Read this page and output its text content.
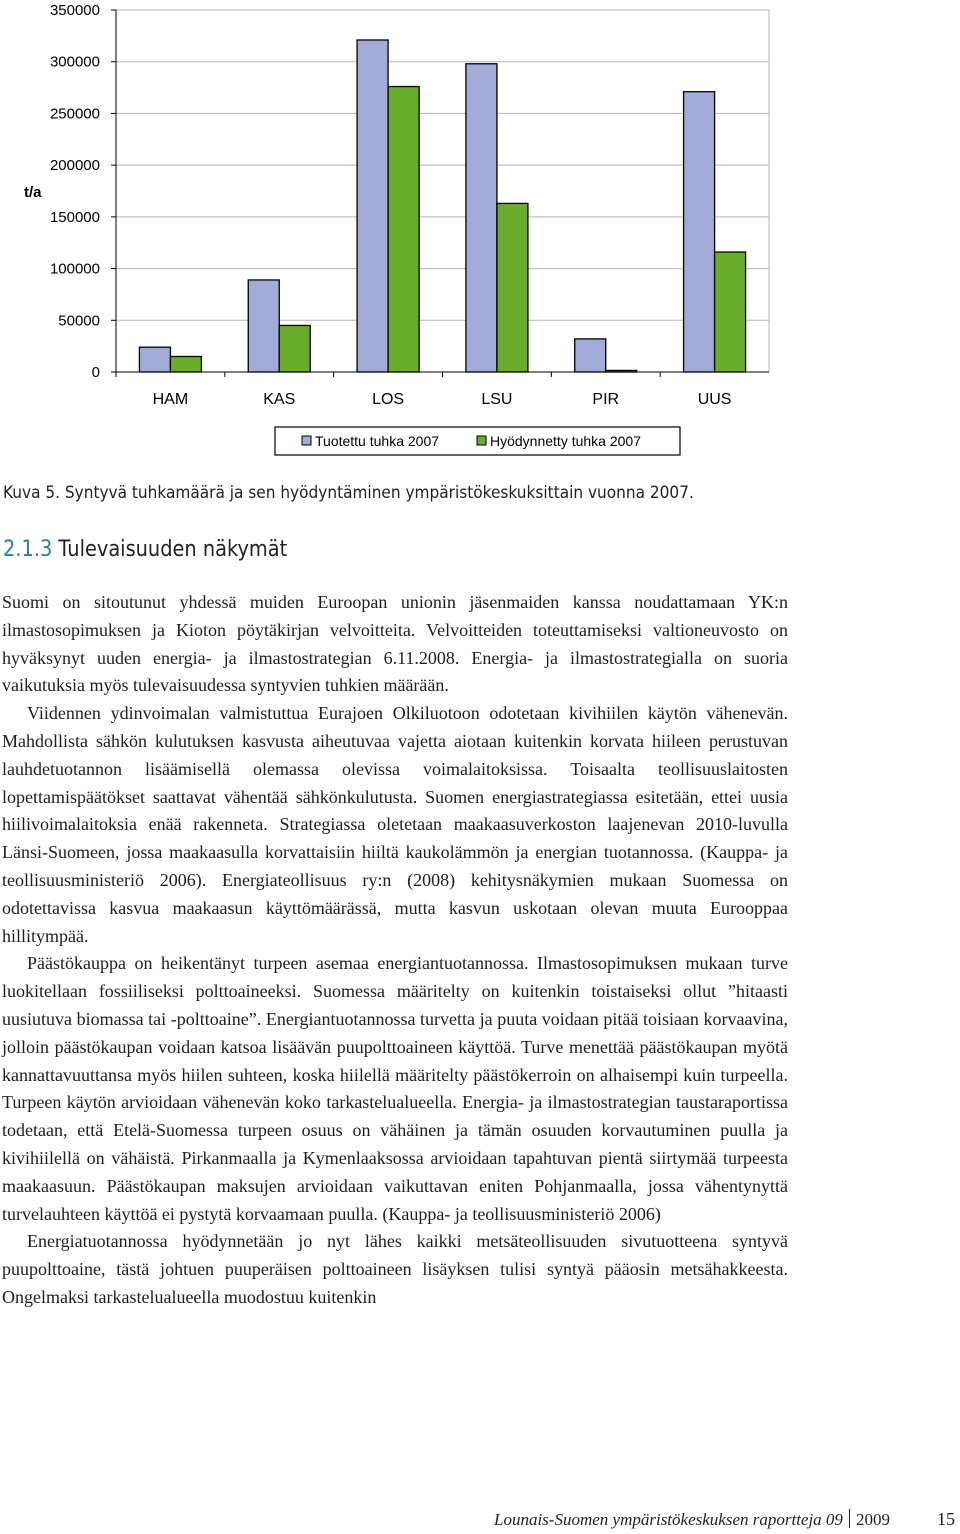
0
50000
100000
150000
200000
250000
300000
350000
HAM	KAS	LOS	LSU	PIR	UUS
t/a
Tuotettu tuhka 2007	Hyödynnetty tuhka 2007
Kuva 5. Syntyvä tuhkamäärä ja sen hyödyntäminen ympäristökeskuksittain vuonna 2007.
2.1.3 Tulevaisuuden näkymät

Suomi on sitoutunut yhdessä muiden Euroopan unionin jäsenmaiden kanssa noudattamaan YK:n ilmastosopimuksen ja Kioton pöytäkirjan velvoitteita. Velvoitteiden toteuttamiseksi valtioneuvosto on hyväksynyt uuden energia- ja ilmastostrategian 6.11.2008. Energia- ja ilmastostrategialla on suoria vaikutuksia myös tulevaisuudessa syntyvien tuhkien määrään.

Viidennen ydinvoimalan valmistuttua Eurajoen Olkiluotoon odotetaan kivihiilen käytön vähenevän. Mahdollista sähkön kulutuksen kasvusta aiheutuvaa vajetta aiotaan kuitenkin korvata hiileen perustuvan lauhdetuotannon lisäämisellä olemassa olevissa voimalaitoksissa. Toisaalta teollisuuslaitosten lopettamispäätökset saattavat vähentää sähkönkulutusta. Suomen energiastrategiassa esitetään, ettei uusia hiilivoimalaitoksia enää rakenneta. Strategiassa oletetaan maakaasuverkoston laajenevan 2010-luvulla Länsi-Suomeen, jossa maakaasulla korvattaisiin hiiltä kaukolämmön ja energian tuotannossa. (Kauppa- ja teollisuusministeriö 2006). Energiateollisuus ry:n (2008) kehitysnäkymien mukaan Suomessa on odotettavissa kasvua maakaasun käyttömäärässä, mutta kasvun uskotaan olevan muuta Eurooppaa hillitympää.

Päästökauppa on heikentänyt turpeen asemaa energiantuotannossa. Ilmastosopimuksen mukaan turve luokitellaan fossiiliseksi polttoaineeksi. Suomessa määritelty on kuitenkin toistaiseksi ollut ”hitaasti uusiutuva biomassa tai -polttoaine”. Energiantuotannossa turvetta ja puuta voidaan pitää toisiaan korvaavina, jolloin päästökaupan voidaan katsoa lisäävän puupolttoaineen käyttöä. Turve menettää päästökaupan myötä kannattavuuttansa myös hiilen suhteen, koska hiilellä määritelty päästökerroin on alhaisempi kuin turpeella. Turpeen käytön arvioidaan vähenevän koko tarkastelualueella. Energia- ja ilmastostrategian taustaraportissa todetaan, että Etelä-Suomessa turpeen osuus on vähäinen ja tämän osuuden korvautuminen puulla ja kivihiilellä on vähäistä. Pirkanmaalla ja Kymenlaaksossa arvioidaan tapahtuvan pientä siirtymää turpeesta maakaasuun. Päästökaupan maksujen arvioidaan vaikuttavan eniten Pohjanmaalla, jossa vähentynyttä turvelauhteen käyttöä ei pystytä korvaamaan puulla. (Kauppa- ja teollisuusministeriö 2006)

Energiatuotannossa hyödynnetään jo nyt lähes kaikki metsäteollisuuden sivutuotteena syntyvä puupolttoaine, tästä johtuen puuperäisen polttoaineen lisäyksen tulisi syntyä pääosin metsähakkeesta. Ongelmaksi tarkastelualueella muodostuu kuitenkin

Lounais-Suomen ympäristökeskuksen raportteja 09 2009	15
